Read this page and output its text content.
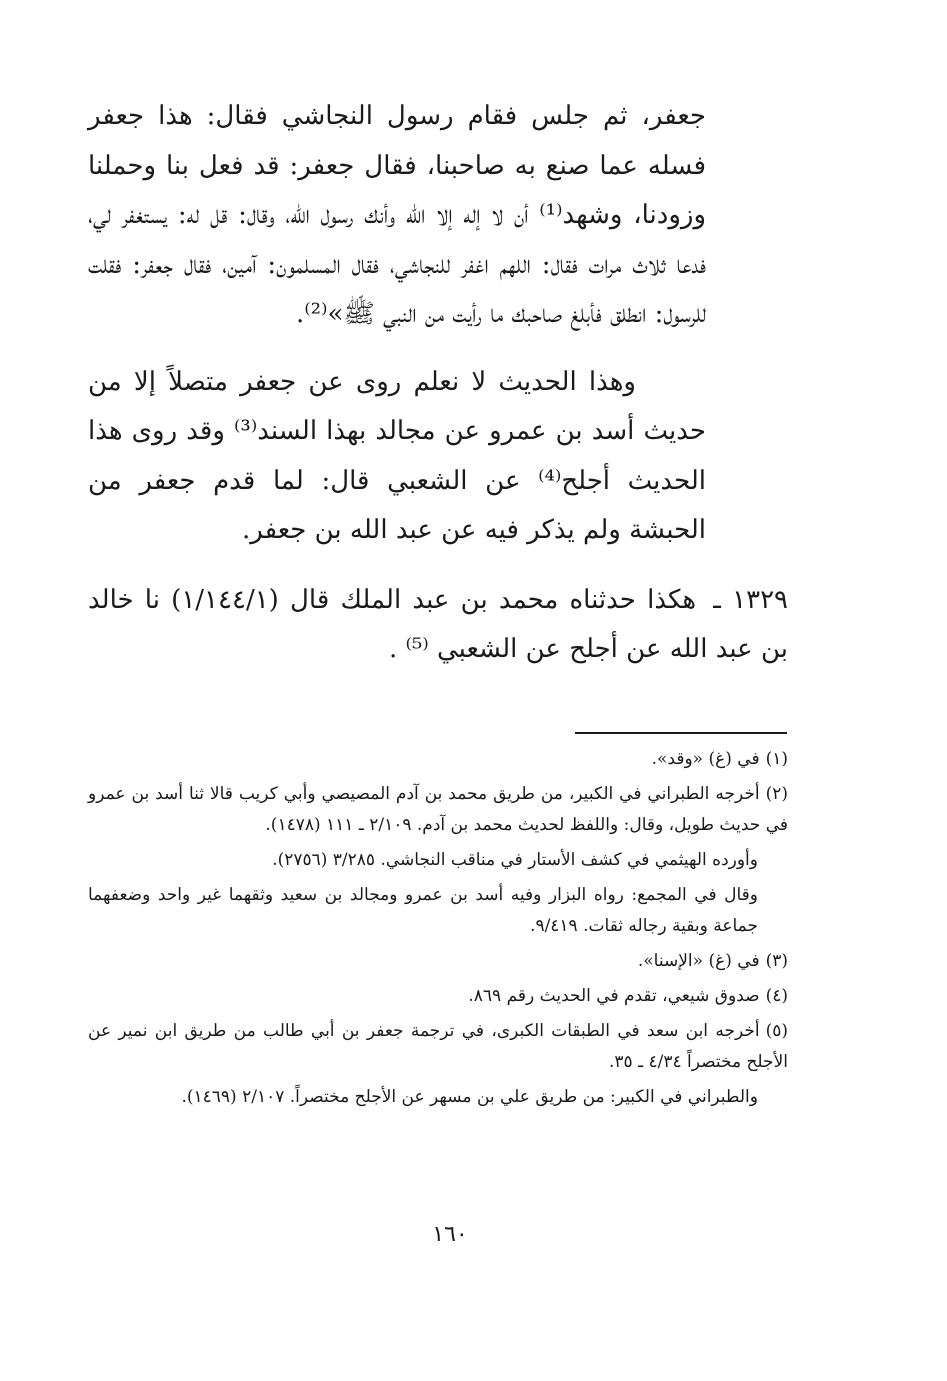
جعفر، ثم جلس فقام رسول النجاشي فقال: هذا جعفر فسله عما صنع به صاحبنا، فقال جعفر: قد فعل بنا وحملنا وزودنا، وشهد⁽¹⁾ أن لا إله إلا الله وأنك رسول الله، وقال: قل له: يستغفر لي، فدعا ثلاث مرات فقال: اللهم اغفر للنجاشي، فقال المسلمون: آمين، فقال جعفر: فقلت للرسول: انطلق فأبلغ صاحبك ما رأيت من النبي ﷺ»⁽²⁾.

وهذا الحديث لا نعلم روى عن جعفر متصلاً إلا من حديث أسد بن عمرو عن مجالد بهذا السند⁽³⁾ وقد روى هذا الحديث أجلح⁽⁴⁾ عن الشعبي قال: لما قدم جعفر من الحبشة ولم يذكر فيه عن عبد الله بن جعفر.

١٣٢٩ ـ هكذا حدثناه محمد بن عبد الملك قال (١/١٤٤/١) نا خالد بن عبد الله عن أجلح عن الشعبي ⁽⁵⁾ .

(١)في (غ) «وقد».

(٢)أخرجه الطبراني في الكبير، من طريق محمد بن آدم المصيصي وأبي كريب قالا ثنا أسد بن عمرو في حديث طويل، وقال: واللفظ لحديث محمد بن آدم. ٢/١٠٩ ـ ١١١ (١٤٧٨).

وأورده الهيثمي في كشف الأستار في مناقب النجاشي. ٣/٢٨٥ (٢٧٥٦).

وقال في المجمع: رواه البزار وفيه أسد بن عمرو ومجالد بن سعيد وثقهما غير واحد وضعفهما جماعة وبقية رجاله ثقات. ٩/٤١٩.

(٣)في (غ) «الإسنا».

(٤)صدوق شيعي، تقدم في الحديث رقم ٨٦٩.

(٥)أخرجه ابن سعد في الطبقات الكبرى، في ترجمة جعفر بن أبي طالب من طريق ابن نمير عن الأجلح مختصراً ٤/٣٤ ـ ٣٥.

والطبراني في الكبير: من طريق علي بن مسهر عن الأجلح مختصراً. ٢/١٠٧ (١٤٦٩).

١٦٠
